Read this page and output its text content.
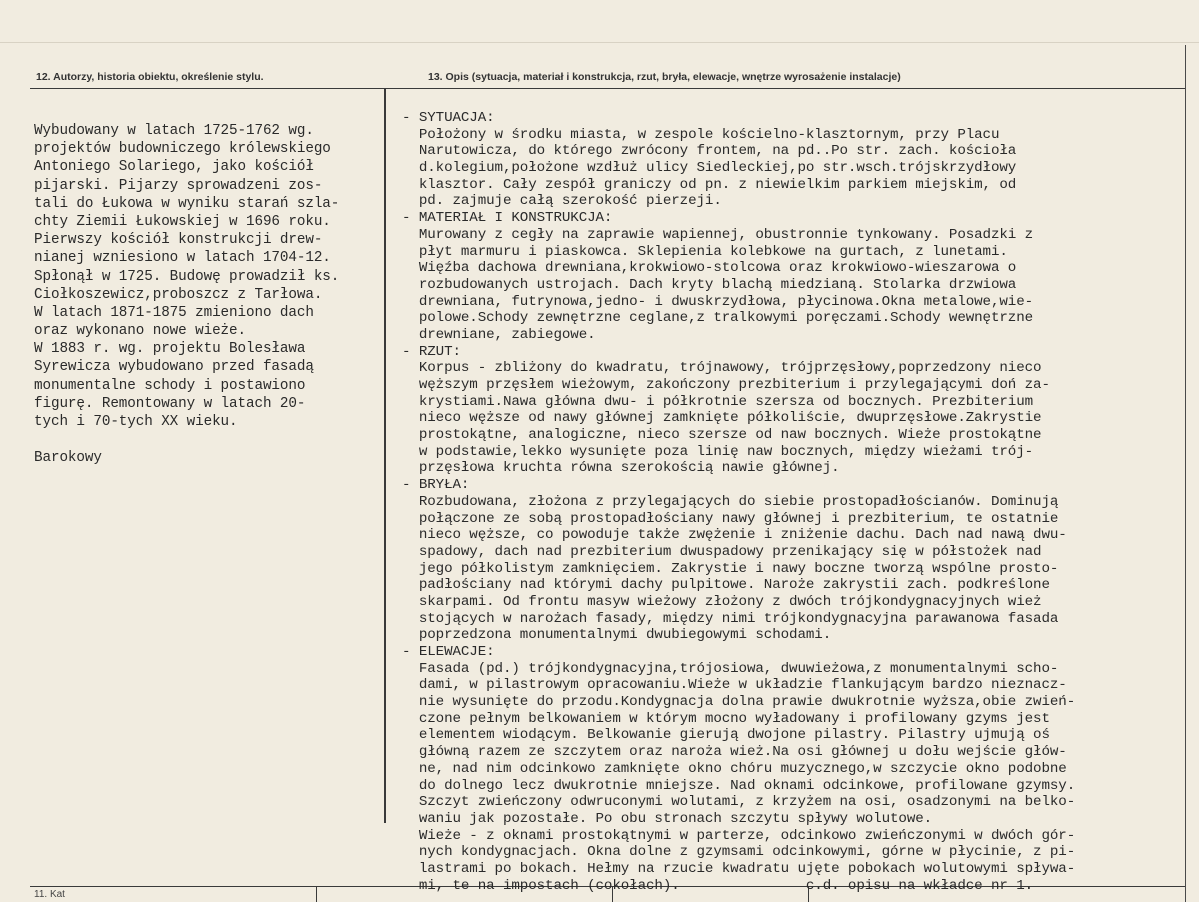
12. Autorzy, historia obiektu, określenie stylu.	13. Opis (sytuacja, materiał i konstrukcja, rzut, bryła, elewacje, wnętrze wyrosażenie instalacje)
Wybudowany w latach 1725-1762 wg.
projektów budowniczego królewskiego
Antoniego Solariego, jako kościół
pijarski. Pijarzy sprowadzeni zos-
tali do Łukowa w wyniku starań szla-
chty Ziemii Łukowskiej w 1696 roku.
Pierwszy kościół konstrukcji drew-
nianej wzniesiono w latach 1704-12.
Spłonął w 1725. Budowę prowadził ks.
Ciołkoszewicz,proboszcz z Tarłowa.
W latach 1871-1875 zmieniono dach
oraz wykonano nowe wieże.
W 1883 r. wg. projektu Bolesława
Syrewicza wybudowano przed fasadą
monumentalne schody i postawiono
figurę. Remontowany w latach 20-
tych i 70-tych XX wieku.
Barokowy
- SYTUACJA:
Położony w środku miasta, w zespole kościelno-klasztornym, przy Placu
Narutowicza, do którego zwrócony frontem, na pd..Po str. zach. kościoła
d.kolegium,położone wzdłuż ulicy Siedleckiej,po str.wsch.trójskrzydłowy
klasztor. Cały zespół graniczy od pn. z niewielkim parkiem miejskim, od
pd. zajmuje całą szerokość pierzeji.
- MATERIAŁ I KONSTRUKCJA:
Murowany z cegły na zaprawie wapiennej, obustronnie tynkowany. Posadzki z
płyt marmuru i piaskowca. Sklepienia kolebkowe na gurtach, z lunetami.
Więźba dachowa drewniana,krokwiowo-stolcowa oraz krokwiowo-wieszarowa o
rozbudowanych ustrojach. Dach kryty blachą miedzianą. Stolarka drzwiowa
drewniana, futrynowa,jedno- i dwuskrzydłowa, płycinowa.Okna metalowe,wie-
polowe.Schody zewnętrzne ceglane,z tralkowymi poręczami.Schody wewnętrzne
drewniane, zabiegowe.
- RZUT:
Korpus - zbliżony do kwadratu, trójnawowy, trójprzęsłowy,poprzedzony nieco
węższym przęsłem wieżowym, zakończony prezbiterium i przylegającymi doń za-
krystiami.Nawa główna dwu- i półkrotnie szersza od bocznych. Prezbiterium
nieco węższe od nawy głównej zamknięte półkoliście, dwuprzęsłowe.Zakrystie
prostokątne, analogiczne, nieco szersze od naw bocznych. Wieże prostokątne
w podstawie,lekko wysunięte poza linię naw bocznych, między wieżami trój-
przęsłowa kruchta równa szerokością nawie głównej.
- BRYŁA:
Rozbudowana, złożona z przylegających do siebie prostopadłościanów. Dominują
połączone ze sobą prostopadłościany nawy głównej i prezbiterium, te ostatnie
nieco węższe, co powoduje także zwężenie i zniżenie dachu. Dach nad nawą dwu-
spadowy, dach nad prezbiterium dwuspadowy przenikający się w półstożek nad
jego półkolistym zamknięciem. Zakrystie i nawy boczne tworzą wspólne prosto-
padłościany nad którymi dachy pulpitowe. Naroże zakrystii zach. podkreślone
skarpami. Od frontu masyw wieżowy złożony z dwóch trójkondygnacyjnych wież
stojących w narożach fasady, między nimi trójkondygnacyjna parawanowa fasada
poprzedzona monumentalnymi dwubiegowymi schodami.
- ELEWACJE:
Fasada (pd.) trójkondygnacyjna,trójosiowa, dwuwieżowa,z monumentalnymi scho-
dami, w pilastrowym opracowaniu.Wieże w układzie flankującym bardzo nieznacz-
nie wysunięte do przodu.Kondygnacja dolna prawie dwukrotnie wyższa,obie zwień-
czone pełnym belkowaniem w którym mocno wyładowany i profilowany gzyms jest
elementem wiodącym. Belkowanie gierują dwojone pilastry. Pilastry ujmują oś
główną razem ze szczytem oraz naroża wież.Na osi głównej u dołu wejście głów-
ne, nad nim odcinkowo zamknięte okno chóru muzycznego,w szczycie okno podobne
do dolnego lecz dwukrotnie mniejsze. Nad oknami odcinkowe, profilowane gzymsy.
Szczyt zwieńczony odwruconymi wolutami, z krzyżem na osi, osadzonymi na belko-
waniu jak pozostałe. Po obu stronach szczytu spływy wolutowe.
Wieże - z oknami prostokątnymi w parterze, odcinkowo zwieńczonymi w dwóch gór-
nych kondygnacjach. Okna dolne z gzymsami odcinkowymi, górne w płycinie, z pi-
lastrami po bokach. Hełmy na rzucie kwadratu ujęte pobokach wolutowymi spływa-
mi, te na impostach (cokołach).               c.d. opisu na wkładce nr 1.
11. Kat
